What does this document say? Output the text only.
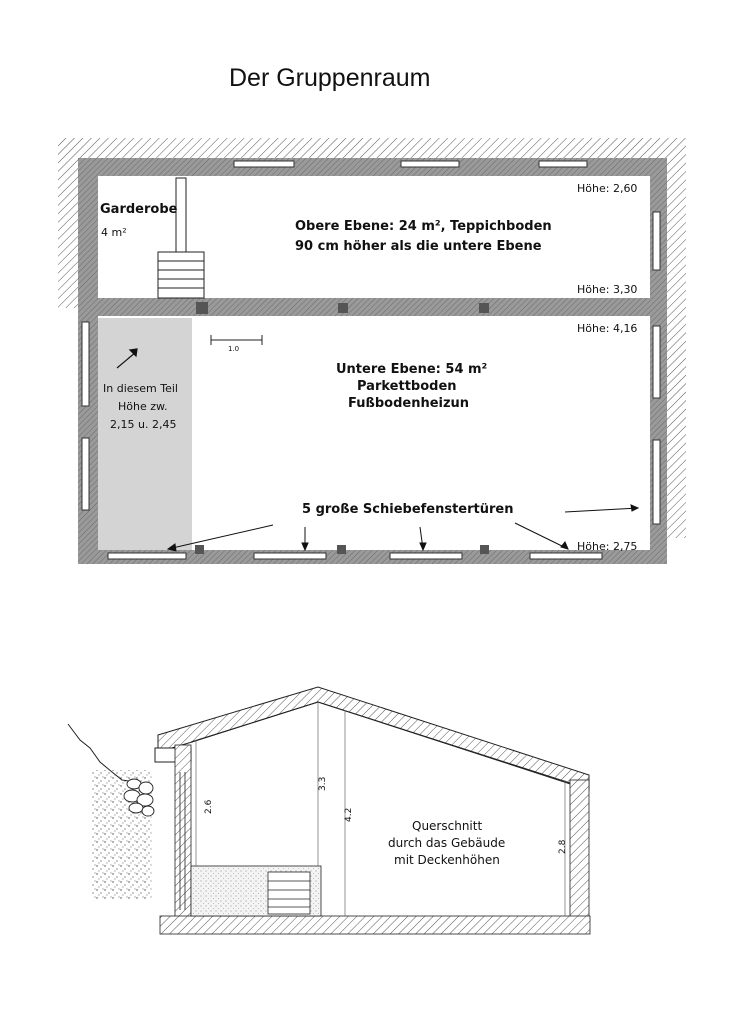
Der Gruppenraum
1.0
Garderobe
4 m²	Obere Ebene: 24 m², Teppichboden
90 cm höher als die untere Ebene
Höhe: 2,60
Höhe: 3,30
Höhe: 4,16
Höhe: 2,75
Untere Ebene: 54 m²
Parkettboden
Fußbodenheizun
In diesem Teil
Höhe zw.
2,15 u. 2,45
5 große Schiebefenstertüren
2.6
3.3
4.2
2.8
Querschnitt
durch das Gebäude
mit Deckenhöhen
